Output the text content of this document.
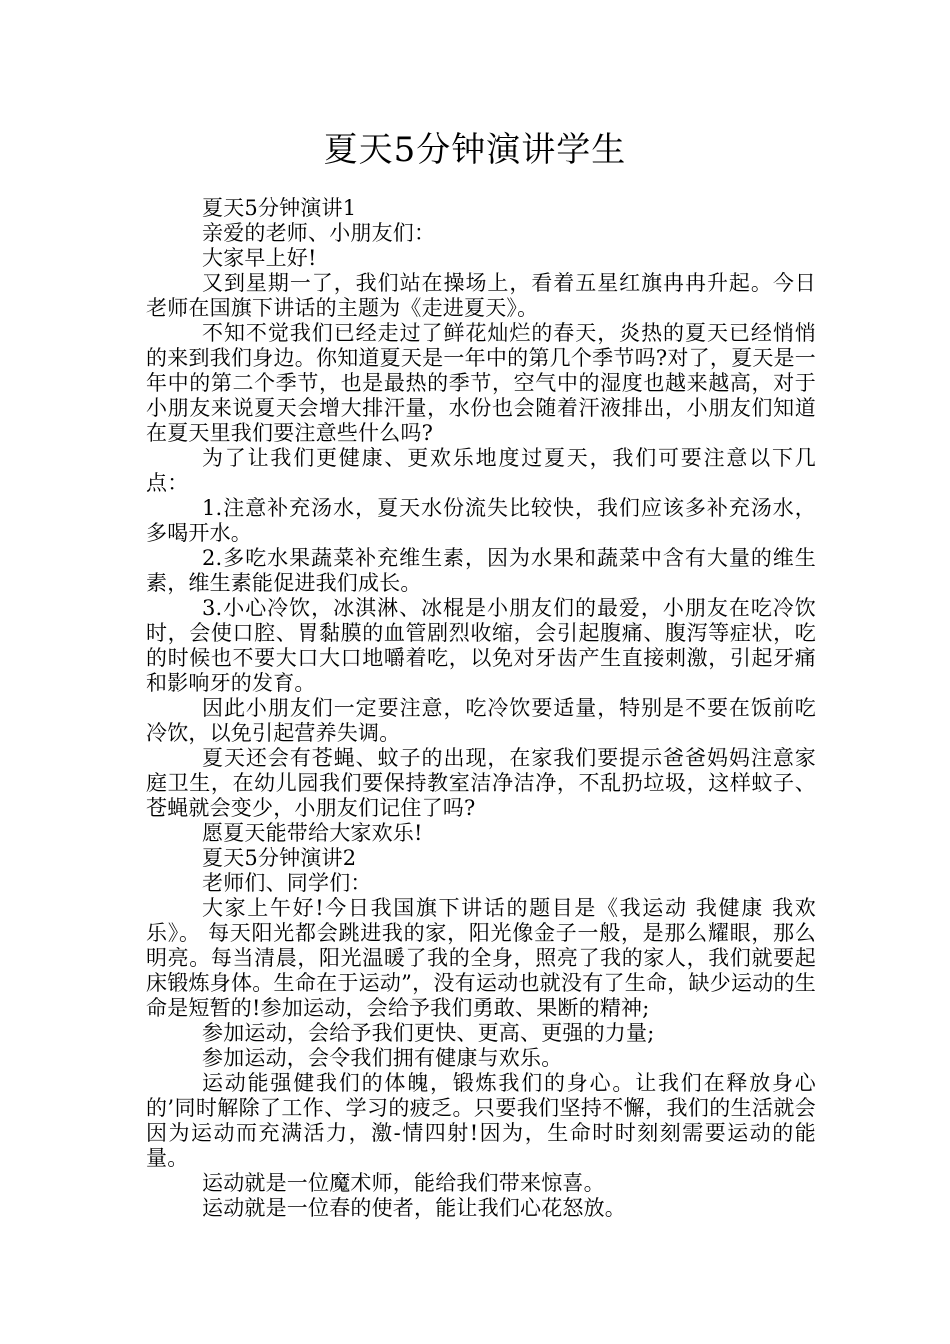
夏天5分钟演讲学生

夏天5分钟演讲1

亲爱的老师、小朋友们：

大家早上好!

又到星期一了，我们站在操场上，看着五星红旗冉冉升起。今日老师在国旗下讲话的主题为《走进夏天》。

不知不觉我们已经走过了鲜花灿烂的春天，炎热的夏天已经悄悄的来到我们身边。你知道夏天是一年中的第几个季节吗?对了，夏天是一年中的第二个季节，也是最热的季节，空气中的湿度也越来越高，对于小朋友来说夏天会增大排汗量，水份也会随着汗液排出，小朋友们知道在夏天里我们要注意些什么吗?

为了让我们更健康、更欢乐地度过夏天，我们可要注意以下几点：

1.注意补充汤水，夏天水份流失比较快，我们应该多补充汤水，多喝开水。

2.多吃水果蔬菜补充维生素，因为水果和蔬菜中含有大量的维生素，维生素能促进我们成长。

3.小心冷饮，冰淇淋、冰棍是小朋友们的最爱，小朋友在吃冷饮时，会使口腔、胃黏膜的血管剧烈收缩，会引起腹痛、腹泻等症状，吃的时候也不要大口大口地嚼着吃，以免对牙齿产生直接刺激，引起牙痛和影响牙的发育。

因此小朋友们一定要注意，吃冷饮要适量，特别是不要在饭前吃冷饮，以免引起营养失调。

夏天还会有苍蝇、蚊子的出现，在家我们要提示爸爸妈妈注意家庭卫生，在幼儿园我们要保持教室洁净洁净，不乱扔垃圾，这样蚊子、苍蝇就会变少，小朋友们记住了吗?

愿夏天能带给大家欢乐!

夏天5分钟演讲2

老师们、同学们：

大家上午好!今日我国旗下讲话的题目是《我运动 我健康 我欢乐》。 每天阳光都会跳进我的家，阳光像金子一般，是那么耀眼，那么明亮。每当清晨，阳光温暖了我的全身，照亮了我的家人，我们就要起床锻炼身体。生命在于运动”，没有运动也就没有了生命，缺少运动的生命是短暂的!参加运动，会给予我们勇敢、果断的精神;

参加运动，会给予我们更快、更高、更强的力量;

参加运动，会令我们拥有健康与欢乐。

运动能强健我们的体魄，锻炼我们的身心。让我们在释放身心的’同时解除了工作、学习的疲乏。只要我们坚持不懈，我们的生活就会因为运动而充满活力，激-情四射!因为，生命时时刻刻需要运动的能量。

运动就是一位魔术师，能给我们带来惊喜。

运动就是一位春的使者，能让我们心花怒放。
